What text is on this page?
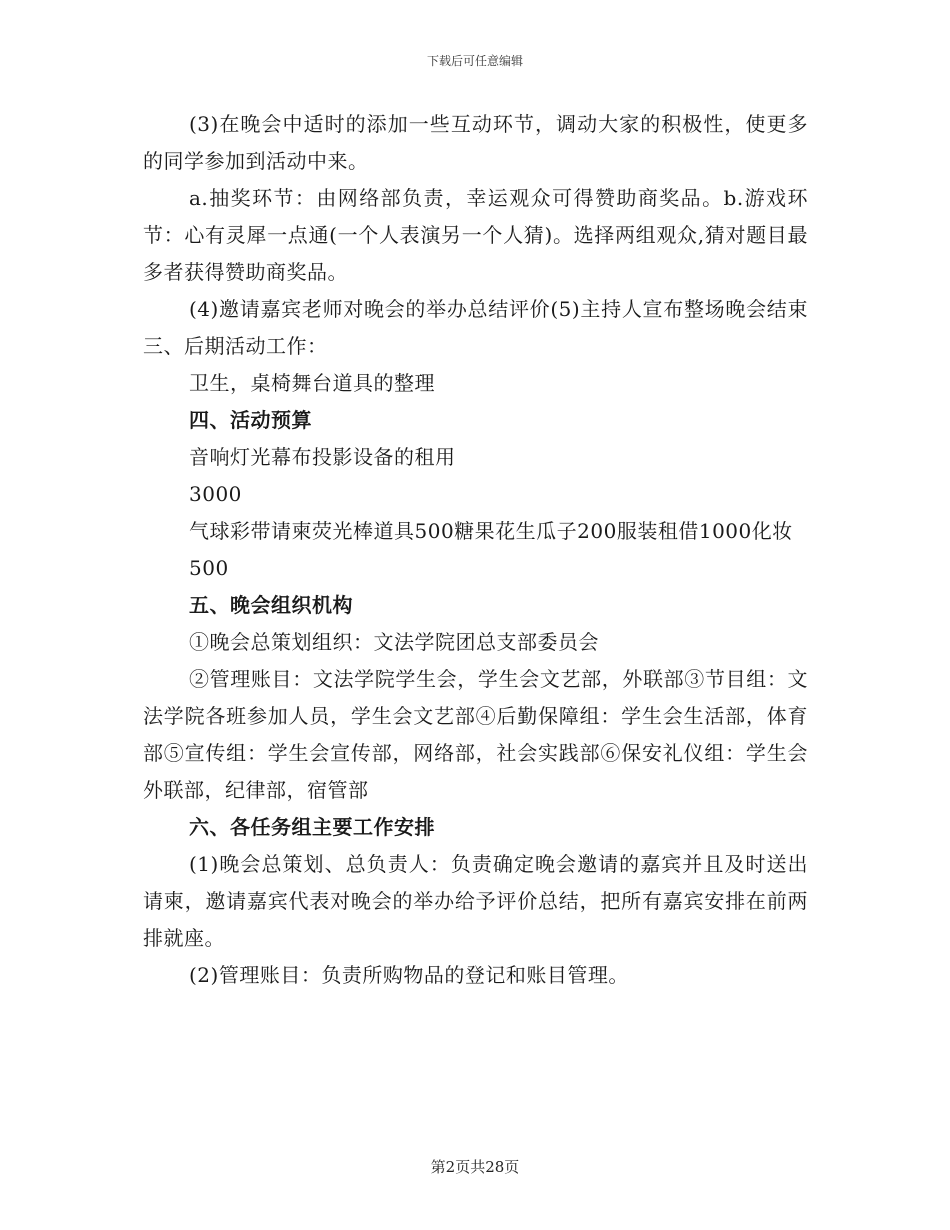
下载后可任意编辑

(3)在晚会中适时的添加一些互动环节，调动大家的积极性，使更多的同学参加到活动中来。

a.抽奖环节：由网络部负责，幸运观众可得赞助商奖品。b.游戏环节：心有灵犀一点通(一个人表演另一个人猜)。选择两组观众,猜对题目最多者获得赞助商奖品。

(4)邀请嘉宾老师对晚会的举办总结评价(5)主持人宣布整场晚会结束三、后期活动工作：

卫生，桌椅舞台道具的整理

四、活动预算

音响灯光幕布投影设备的租用

3000

气球彩带请柬荧光棒道具500糖果花生瓜子200服装租借1000化妆

500

五、晚会组织机构

①晚会总策划组织：文法学院团总支部委员会

②管理账目：文法学院学生会，学生会文艺部，外联部③节目组：文法学院各班参加人员，学生会文艺部④后勤保障组：学生会生活部，体育部⑤宣传组：学生会宣传部，网络部，社会实践部⑥保安礼仪组：学生会外联部，纪律部，宿管部

六、各任务组主要工作安排

(1)晚会总策划、总负责人：负责确定晚会邀请的嘉宾并且及时送出请柬，邀请嘉宾代表对晚会的举办给予评价总结，把所有嘉宾安排在前两排就座。

(2)管理账目：负责所购物品的登记和账目管理。

第2页共28页
